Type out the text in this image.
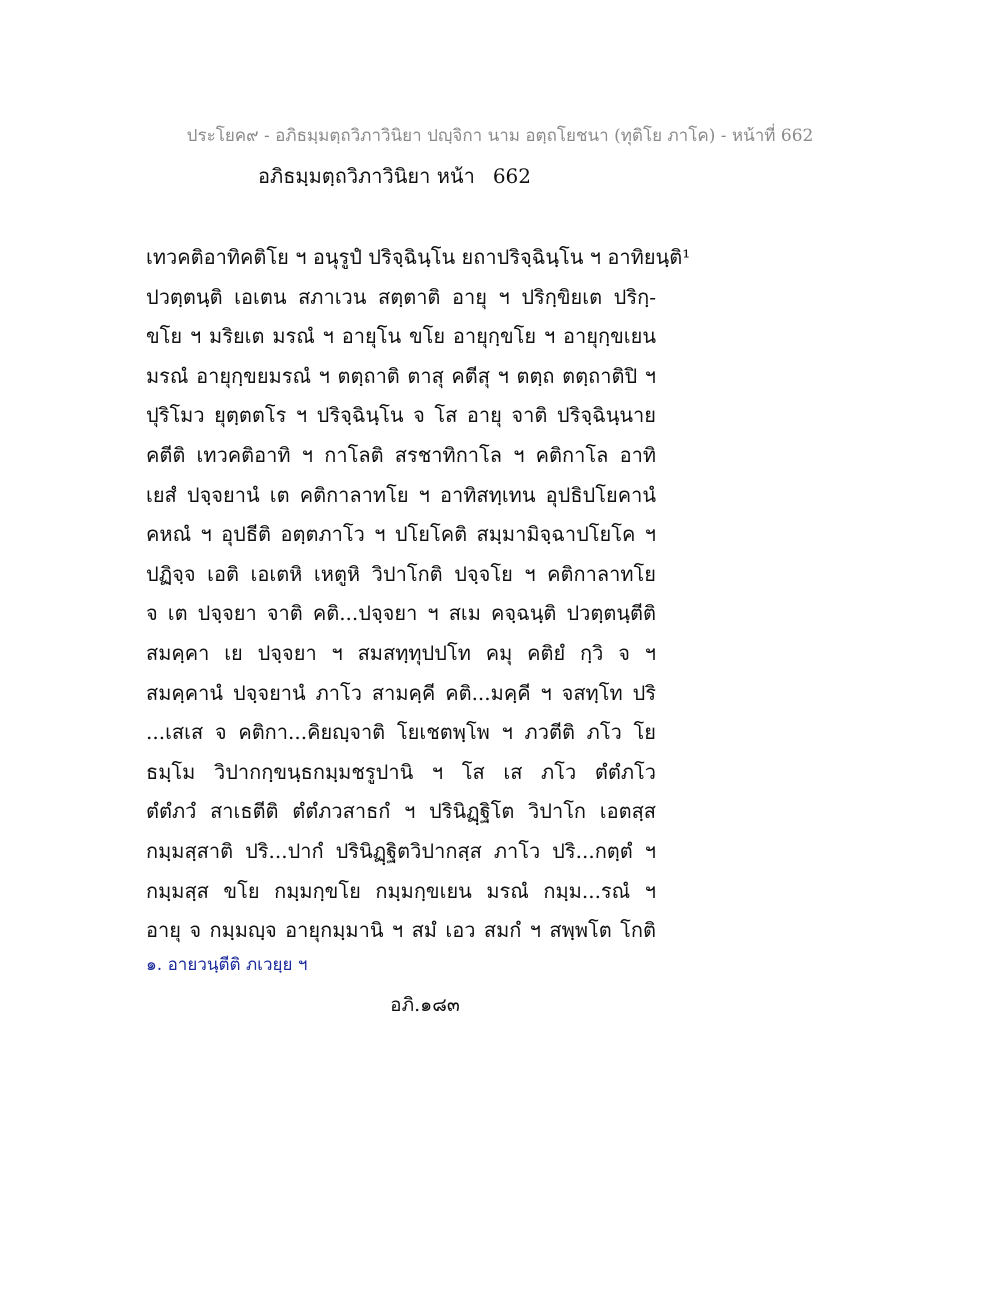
ประโยค๙ - อภิธมฺมตฺถวิภาวินิยา ปญฺจิกา นาม อตฺถโยชนา (ทุติโย ภาโค) - หน้าที่ 662
อภิธมฺมตฺถวิภาวินิยา หน้า 662
เทวคติอาทิคติโย ฯ อนุรูปํ ปริจฺฉินฺโน ยถาปริจฺฉินฺโน ฯ อาทิยนฺติ¹
ปวตฺตนฺติ เอเตน สภาเวน สตฺตาติ อายุ ฯ ปริกฺขิยเต ปริกฺ-
ขโย ฯ มริยเต มรณํ ฯ อายุโน ขโย อายุกฺขโย ฯ อายุกฺขเยน
มรณํ อายุกฺขยมรณํ ฯ ตตฺถาติ ตาสุ คตีสุ ฯ ตตฺถ ตตฺถาติปิ ฯ
ปุริโมว ยุตฺตตโร ฯ ปริจฺฉินฺโน จ โส อายุ จาติ ปริจฺฉินฺนาย
คตีติ เทวคติอาทิ ฯ กาโลติ สรชาทิกาโล ฯ คติกาโล อาทิ
เยสํ ปจฺจยานํ เต คติกาลาทโย ฯ อาทิสทฺเทน อุปธิปโยคานํ
คหณํ ฯ อุปธีติ อตฺตภาโว ฯ ปโยโคติ สมฺมามิจฺฉาปโยโค ฯ
ปฏิจฺจ เอติ เอเตหิ เหตูหิ วิปาโกติ ปจฺจโย ฯ คติกาลาทโย
จ เต ปจฺจยา จาติ คติ...ปจฺจยา ฯ สเม คจฺฉนฺติ ปวตฺตนฺตีติ
สมคฺคา เย ปจฺจยา ฯ สมสทฺทุปปโท คมุ คติยํ กฺวิ จ ฯ
สมคฺคานํ ปจฺจยานํ ภาโว สามคฺคี คติ...มคฺคี ฯ จสทฺโท ปริ
...เสเส จ คติกา...คิยญฺจาติ โยเชตพฺโพ ฯ ภวตีติ ภโว โย
ธมฺโม วิปากกฺขนฺธกมฺมชรูปานิ ฯ โส เส ภโว ตํตํภโว
ตํตํภวํ สาเธตีติ ตํตํภวสาธกํ ฯ ปรินิฏฺฐิโต วิปาโก เอตสฺส
กมฺมสฺสาติ ปริ...ปากํ ปรินิฏฺฐิตวิปากสฺส ภาโว ปริ...กตฺตํ ฯ
กมฺมสฺส ขโย กมฺมกฺขโย กมฺมกฺขเยน มรณํ กมฺม...รณํ ฯ
อายุ จ กมฺมญฺจ อายุกมฺมานิ ฯ สมํ เอว สมกํ ฯ สพฺพโต โกติ
๑. อายวนฺตีติ ภเวยฺย ฯ
อภิ.๑๘๓
